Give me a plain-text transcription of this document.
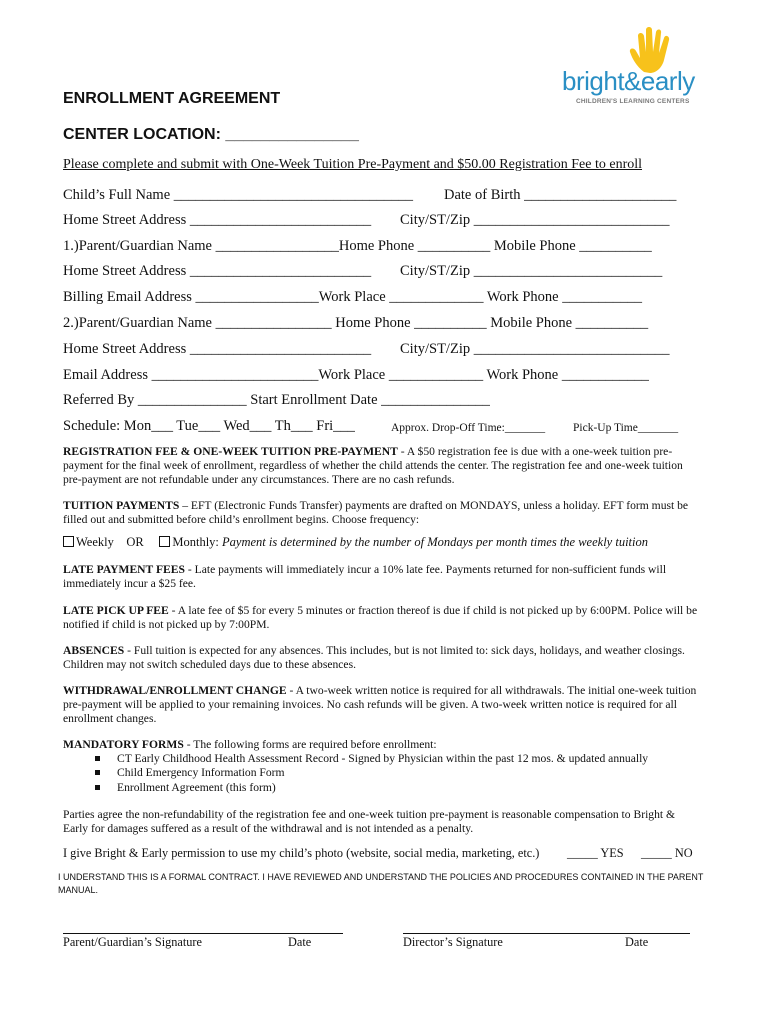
bright&early
CHILDREN'S LEARNING CENTERS
ENROLLMENT AGREEMENT
CENTER LOCATION: _______________
Please complete and submit with One-Week Tuition Pre-Payment and $50.00 Registration Fee to enroll
Child’s Full Name _________________________________ Date of Birth _____________________
Home Street Address _________________________ City/ST/Zip ___________________________
1.)Parent/Guardian Name _________________Home Phone __________ Mobile Phone __________
Home Street Address _________________________ City/ST/Zip __________________________
Billing Email Address _________________Work Place _____________ Work Phone ___________
2.)Parent/Guardian Name ________________ Home Phone __________ Mobile Phone __________
Home Street Address _________________________ City/ST/Zip ___________________________
Email Address _______________________Work Place _____________ Work Phone ____________
Referred By _______________ Start Enrollment Date _______________
Schedule: Mon___ Tue___ Wed___ Th___ Fri___	Approx. Drop-Off Time:_______ Pick-Up Time_______
REGISTRATION FEE & ONE-WEEK TUITION PRE-PAYMENT - A $50 registration fee is due with a one-week tuition pre-payment for the final week of enrollment, regardless of whether the child attends the center. The registration fee and one-week tuition pre-payment are not refundable under any circumstances. There are no cash refunds.
TUITION PAYMENTS – EFT (Electronic Funds Transfer) payments are drafted on MONDAYS, unless a holiday. EFT form must be filled out and submitted before child’s enrollment begins. Choose frequency:
Weekly OR Monthly: Payment is determined by the number of Mondays per month times the weekly tuition
LATE PAYMENT FEES - Late payments will immediately incur a 10% late fee. Payments returned for non-sufficient funds will immediately incur a $25 fee.
LATE PICK UP FEE - A late fee of $5 for every 5 minutes or fraction thereof is due if child is not picked up by 6:00PM. Police will be notified if child is not picked up by 7:00PM.
ABSENCES - Full tuition is expected for any absences. This includes, but is not limited to: sick days, holidays, and weather closings. Children may not switch scheduled days due to these absences.
WITHDRAWAL/ENROLLMENT CHANGE - A two-week written notice is required for all withdrawals. The initial one-week tuition pre-payment will be applied to your remaining invoices. No cash refunds will be given. A two-week written notice is required for all enrollment changes.
MANDATORY FORMS - The following forms are required before enrollment:
CT Early Childhood Health Assessment Record - Signed by Physician within the past 12 mos. & updated annually
Child Emergency Information Form
Enrollment Agreement (this form)
Parties agree the non-refundability of the registration fee and one-week tuition pre-payment is reasonable compensation to Bright & Early for damages suffered as a result of the withdrawal and is not intended as a penalty.
I give Bright & Early permission to use my child’s photo (website, social media, marketing, etc.) _____ YES _____ NO
I UNDERSTAND THIS IS A FORMAL CONTRACT. I HAVE REVIEWED AND UNDERSTAND THE POLICIES AND PROCEDURES CONTAINED IN THE PARENT MANUAL.
Parent/Guardian’s Signature	Date	Director’s Signature	Date
